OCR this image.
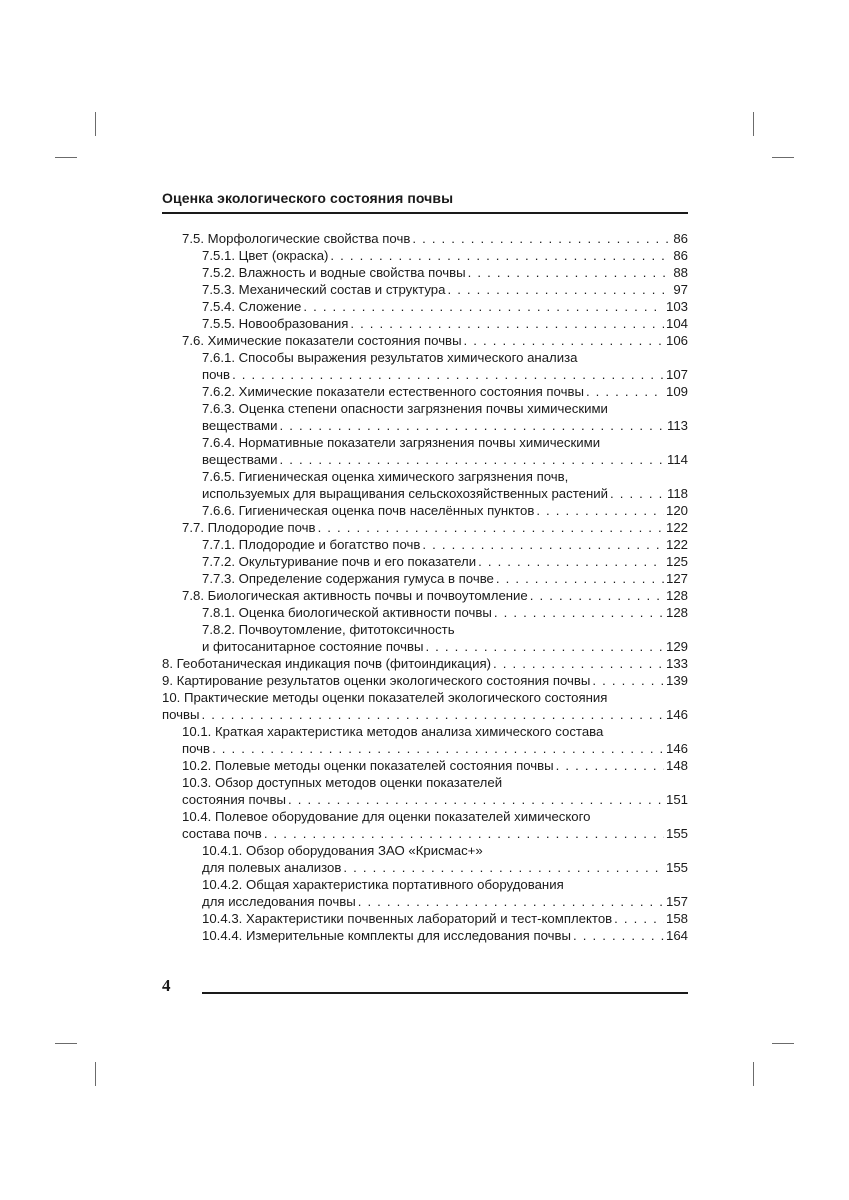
Оценка экологического состояния почвы
7.5. Морфологические свойства почв . . .	86
7.5.1. Цвет (окраска) . . .	86
7.5.2. Влажность и водные свойства почвы . . .	88
7.5.3. Механический состав и структура . . .	97
7.5.4. Сложение . . .	103
7.5.5. Новообразования . . .	104
7.6. Химические показатели состояния почвы . . .	106
7.6.1. Способы выражения результатов химического анализа
почв . . .	107
7.6.2. Химические показатели естественного состояния почвы . . .	109
7.6.3. Оценка степени опасности загрязнения почвы химическими
веществами . . .	113
7.6.4. Нормативные показатели загрязнения почвы химическими
веществами . . .	114
7.6.5. Гигиеническая оценка химического загрязнения почв,
используемых для выращивания сельскохозяйственных растений . . .	118
7.6.6. Гигиеническая оценка почв населённых пунктов . . .	120
7.7. Плодородие почв . . .	122
7.7.1. Плодородие и богатство почв . . .	122
7.7.2. Окультуривание почв и его показатели . . .	125
7.7.3. Определение содержания гумуса в почве . . .	127
7.8. Биологическая активность почвы и почвоутомление . . .	128
7.8.1. Оценка биологической активности почвы . . .	128
7.8.2. Почвоутомление, фитотоксичность
и фитосанитарное состояние почвы . . .	129
8. Геоботаническая индикация почв (фитоиндикация) . . .	133
9. Картирование результатов оценки экологического состояния почвы . . .	139
10. Практические методы оценки показателей экологического состояния
почвы . . .	146
10.1. Краткая характеристика методов анализа химического состава
почв . . .	146
10.2. Полевые методы оценки показателей состояния почвы . . .	148
10.3. Обзор доступных методов оценки показателей
состояния почвы . . .	151
10.4. Полевое оборудование для оценки показателей химического
состава почв . . .	155
10.4.1. Обзор оборудования ЗАО «Крисмас+»
для полевых анализов . . .	155
10.4.2. Общая характеристика портативного оборудования
для исследования почвы . . .	157
10.4.3. Характеристики почвенных лабораторий и тест-комплектов . . .	158
10.4.4. Измерительные комплекты для исследования почвы . . .	164
4
